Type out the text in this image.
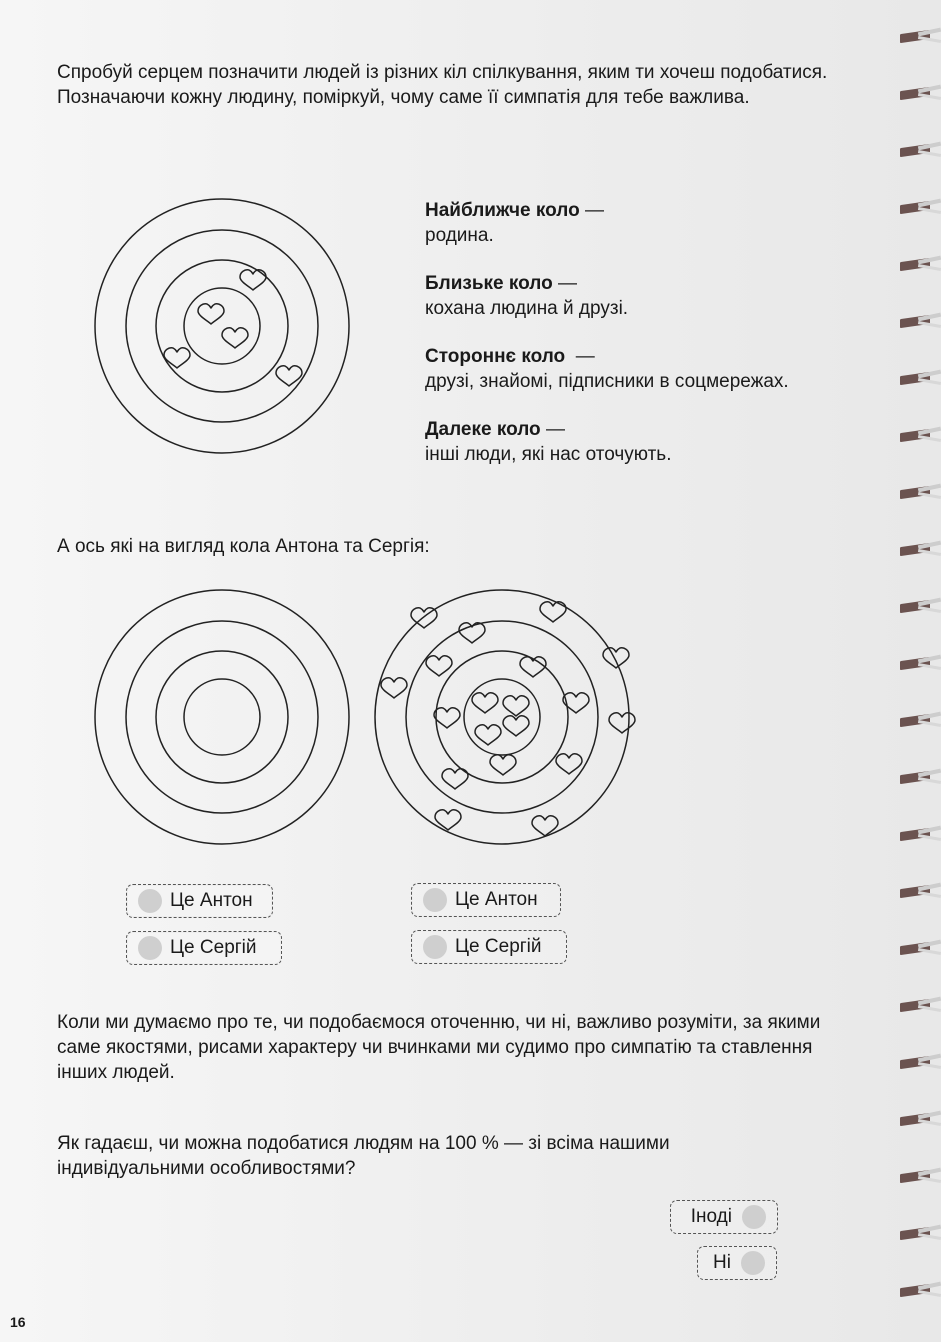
Спробуй серцем позначити людей із різних кіл спілкування, яким ти хочеш подобатися. Позначаючи кожну людину, поміркуй, чому саме її симпатія для тебе важлива.

Найближче коло —
родина.
Близьке коло —
кохана людина й друзі.
Стороннє коло  —
друзі, знайомі, підписники в соцмережах.
Далеке коло —
інші люди, які нас оточують.

А ось які на вигляд кола Антона та Сергія:

Це Антон
Це Сергій
Це Антон
Це Сергій

Коли ми думаємо про те, чи подобаємося оточенню, чи ні, важливо розуміти, за якими саме якостями, рисами характеру чи вчинками ми судимо про симпатію та ставлення інших людей.

Як гадаєш, чи можна подобатися людям на 100 % — зі всіма нашими індивідуальними особливостями?

Іноді
Ні
16
